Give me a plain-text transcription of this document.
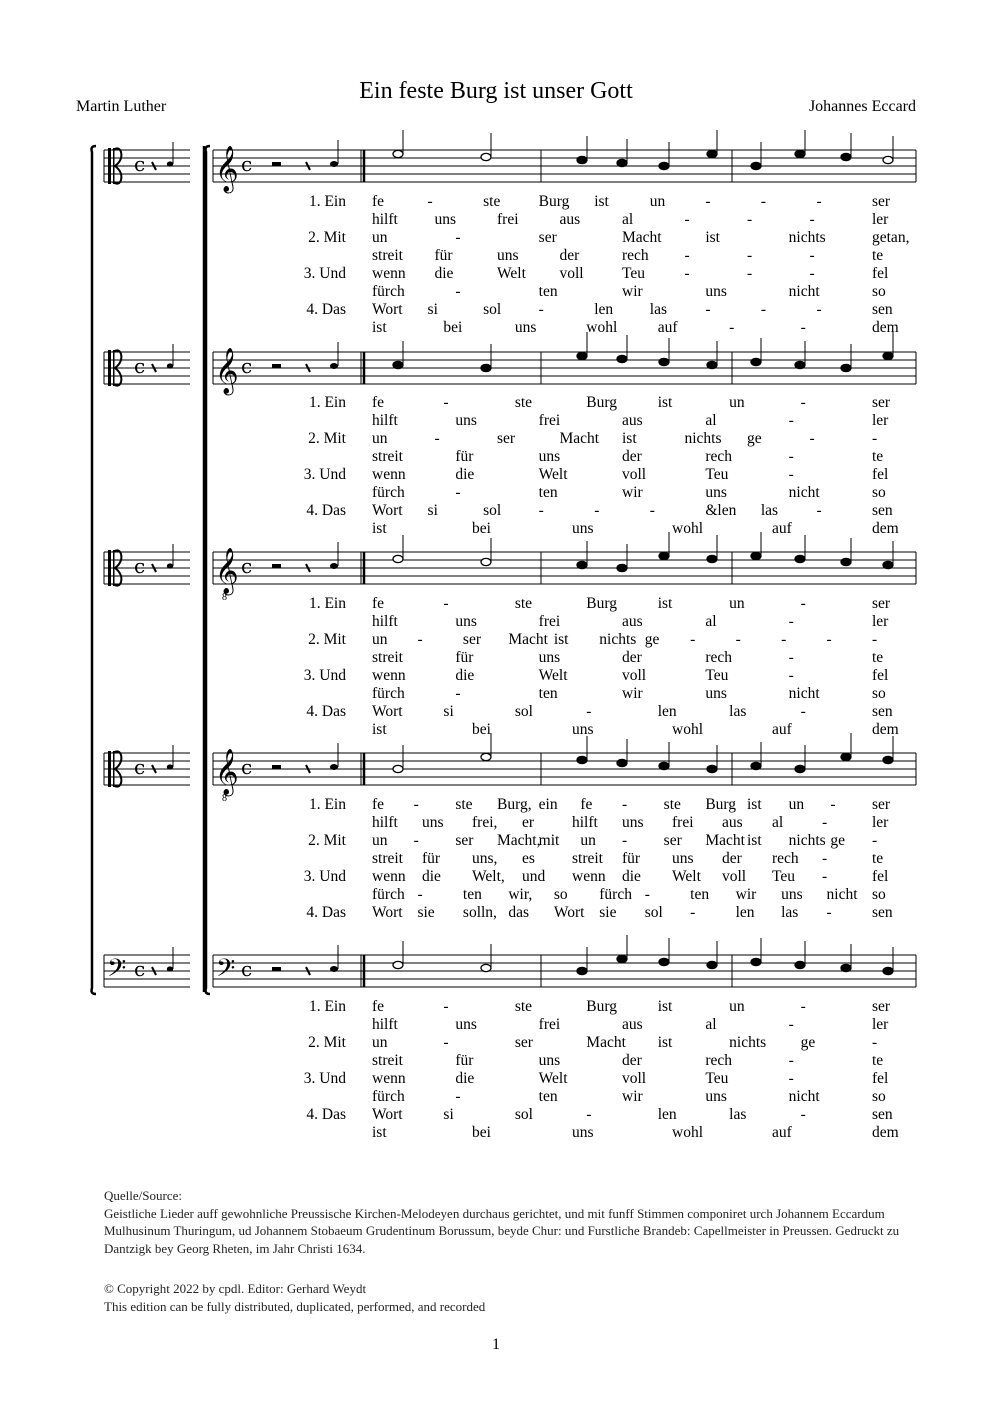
Ein feste Burg ist unser Gott
Martin Luther	Johannes Eccard
c 𝄞 c
c 𝄞 c
c 𝄞
8
c
c 𝄞
8
c
𝄢 c 𝄢 c
1. Ein fe	-	ste Burg ist	un	-	-	-	ser
hilft uns	frei	aus	al	-	-	-	ler
2. Mit un	-	ser	Macht	ist	nichts	getan,
streit für	uns	der	rech -	-	-	te
3. Und wenn die	Welt voll Teu	-	-	-	fel
fürch	-	ten	wir	uns	nicht	so
4. Das Wort si	sol -	len las -	-	-	sen
ist	bei	uns	wohl	auf	-	-	dem
1. Ein fe	-	ste	Burg	ist	un	-	ser
hilft	uns	frei	aus	al	-	ler
2. Mit un	-	ser	Macht ist	nichts ge	-	-
streit	für	uns	der	rech	-	te
3. Und wenn	die	Welt	voll	Teu	-	fel
fürch	-	ten	wir	uns	nicht	so
4. Das Wort si	sol -	-	-	&len las -	sen
ist	bei	uns	wohl	auf	dem
1. Ein fe	-	ste	Burg	ist	un	-	ser
hilft	uns	frei	aus	al	-	ler
2. Mit un -	ser Macht ist nichts ge -	-	-	-	-
streit	für	uns	der	rech	-	te
3. Und wenn	die	Welt	voll	Teu	-	fel
fürch	-	ten	wir	uns	nicht	so
4. Das Wort	si	sol	-	len	las	-	sen
ist	bei	uns	wohl	auf	dem
1. Ein fe - ste Burg, ein fe - ste Burg ist un - ser
hilft uns frei, er hilft uns frei aus al	-	ler
2. Mit un - ser Macht,
mit un - ser Macht ist nichts ge -
streit für uns, es streit für uns der rech -	te
3. Und wenn die Welt, und wenn die Welt voll Teu -	fel
fürch -	ten wir, so fürch -	ten wir uns nicht so
4. Das Wort sie solln, das Wort sie sol -	len las -	sen
1. Ein fe	-	ste	Burg	ist	un	-	ser
hilft	uns	frei	aus	al	-	ler
2. Mit un	-	ser	Macht ist	nichts ge	-
streit	für	uns	der	rech	-	te
3. Und wenn	die	Welt	voll	Teu	-	fel
fürch	-	ten	wir	uns	nicht	so
4. Das Wort	si	sol	-	len	las	-	sen
ist	bei	uns	wohl	auf	dem
Quelle/Source:
Geistliche Lieder auff gewohnliche Preussische Kirchen-Melodeyen durchaus gerichtet, und mit funff Stimmen componiret urch Johannem Eccardum Mulhusinum Thuringum, ud Johannem Stobaeum Grudentinum Borussum, beyde Chur: und Furstliche Brandeb: Capellmeister in Preussen. Gedruckt zu Dantzigk bey Georg Rheten, im Jahr Christi 1634.
© Copyright 2022 by cpdl. Editor: Gerhard Weydt
This edition can be fully distributed, duplicated, performed, and recorded
1
